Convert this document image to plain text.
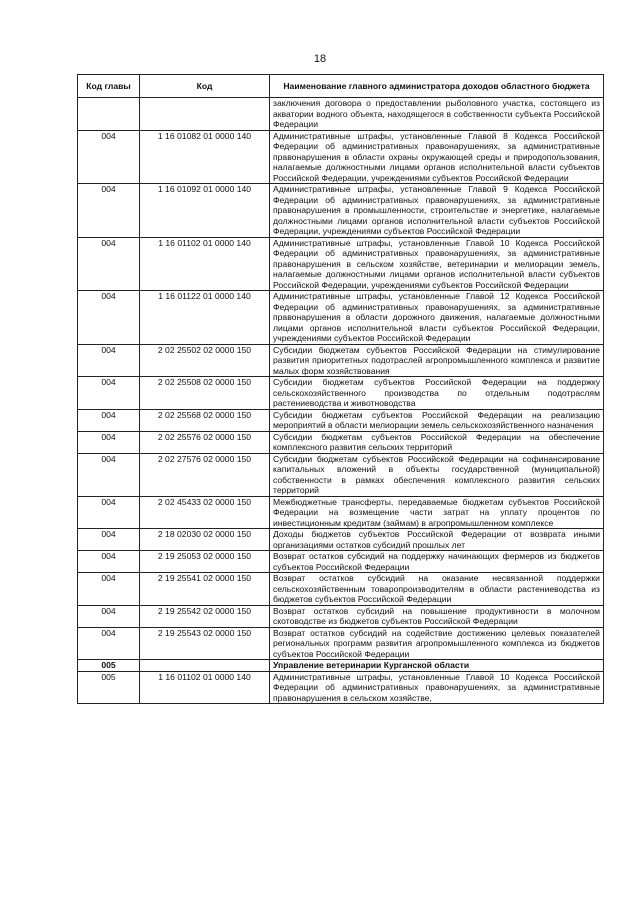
18
Код главы	Код	Наименование главного администратора доходов областного бюджета
		заключения договора о предоставлении рыболовного участка, состоящего из акватории водного объекта, находящегося в собственности субъекта Российской Федерации
004	1 16 01082 01 0000 140	Административные штрафы, установленные Главой 8 Кодекса Российской Федерации об административных правонарушениях, за административные правонарушения в области охраны окружающей среды и природопользования, налагаемые должностными лицами органов исполнительной власти субъектов Российской Федерации, учреждениями субъектов Российской Федерации
004	1 16 01092 01 0000 140	Административные штрафы, установленные Главой 9 Кодекса Российской Федерации об административных правонарушениях, за административные правонарушения в промышленности, строительстве и энергетике, налагаемые должностными лицами органов исполнительной власти субъектов Российской Федерации, учреждениями субъектов Российской Федерации
004	1 16 01102 01 0000 140	Административные штрафы, установленные Главой 10 Кодекса Российской Федерации об административных правонарушениях, за административные правонарушения в сельском хозяйстве, ветеринарии и мелиорации земель, налагаемые должностными лицами органов исполнительной власти субъектов Российской Федерации, учреждениями субъектов Российской Федерации
004	1 16 01122 01 0000 140	Административные штрафы, установленные Главой 12 Кодекса Российской Федерации об административных правонарушениях, за административные правонарушения в области дорожного движения, налагаемые должностными лицами органов исполнительной власти субъектов Российской Федерации, учреждениями субъектов Российской Федерации
004	2 02 25502 02 0000 150	Субсидии бюджетам субъектов Российской Федерации на стимулирование развития приоритетных подотраслей агропромышленного комплекса и развитие малых форм хозяйствования
004	2 02 25508 02 0000 150	Субсидии бюджетам субъектов Российской Федерации на поддержку сельскохозяйственного производства по отдельным подотраслям растениеводства и животноводства
004	2 02 25568 02 0000 150	Субсидии бюджетам субъектов Российской Федерации на реализацию мероприятий в области мелиорации земель сельскохозяйственного назначения
004	2 02 25576 02 0000 150	Субсидии бюджетам субъектов Российской Федерации на обеспечение комплексного развития сельских территорий
004	2 02 27576 02 0000 150	Субсидии бюджетам субъектов Российской Федерации на софинансирование капитальных вложений в объекты государственной (муниципальной) собственности в рамках обеспечения комплексного развития сельских территорий
004	2 02 45433 02 0000 150	Межбюджетные трансферты, передаваемые бюджетам субъектов Российской Федерации на возмещение части затрат на уплату процентов по инвестиционным кредитам (займам) в агропромышленном комплексе
004	2 18 02030 02 0000 150	Доходы бюджетов субъектов Российской Федерации от возврата иными организациями остатков субсидий прошлых лет
004	2 19 25053 02 0000 150	Возврат остатков субсидий на поддержку начинающих фермеров из бюджетов субъектов Российской Федерации
004	2 19 25541 02 0000 150	Возврат остатков субсидий на оказание несвязанной поддержки сельскохозяйственным товаропроизводителям в области растениеводства из бюджетов субъектов Российской Федерации
004	2 19 25542 02 0000 150	Возврат остатков субсидий на повышение продуктивности в молочном скотоводстве из бюджетов субъектов Российской Федерации
004	2 19 25543 02 0000 150	Возврат остатков субсидий на содействие достижению целевых показателей региональных программ развития агропромышленного комплекса из бюджетов субъектов Российской Федерации
005		Управление ветеринарии Курганской области
005	1 16 01102 01 0000 140	Административные штрафы, установленные Главой 10 Кодекса Российской Федерации об административных правонарушениях, за административные правонарушения в сельском хозяйстве,
